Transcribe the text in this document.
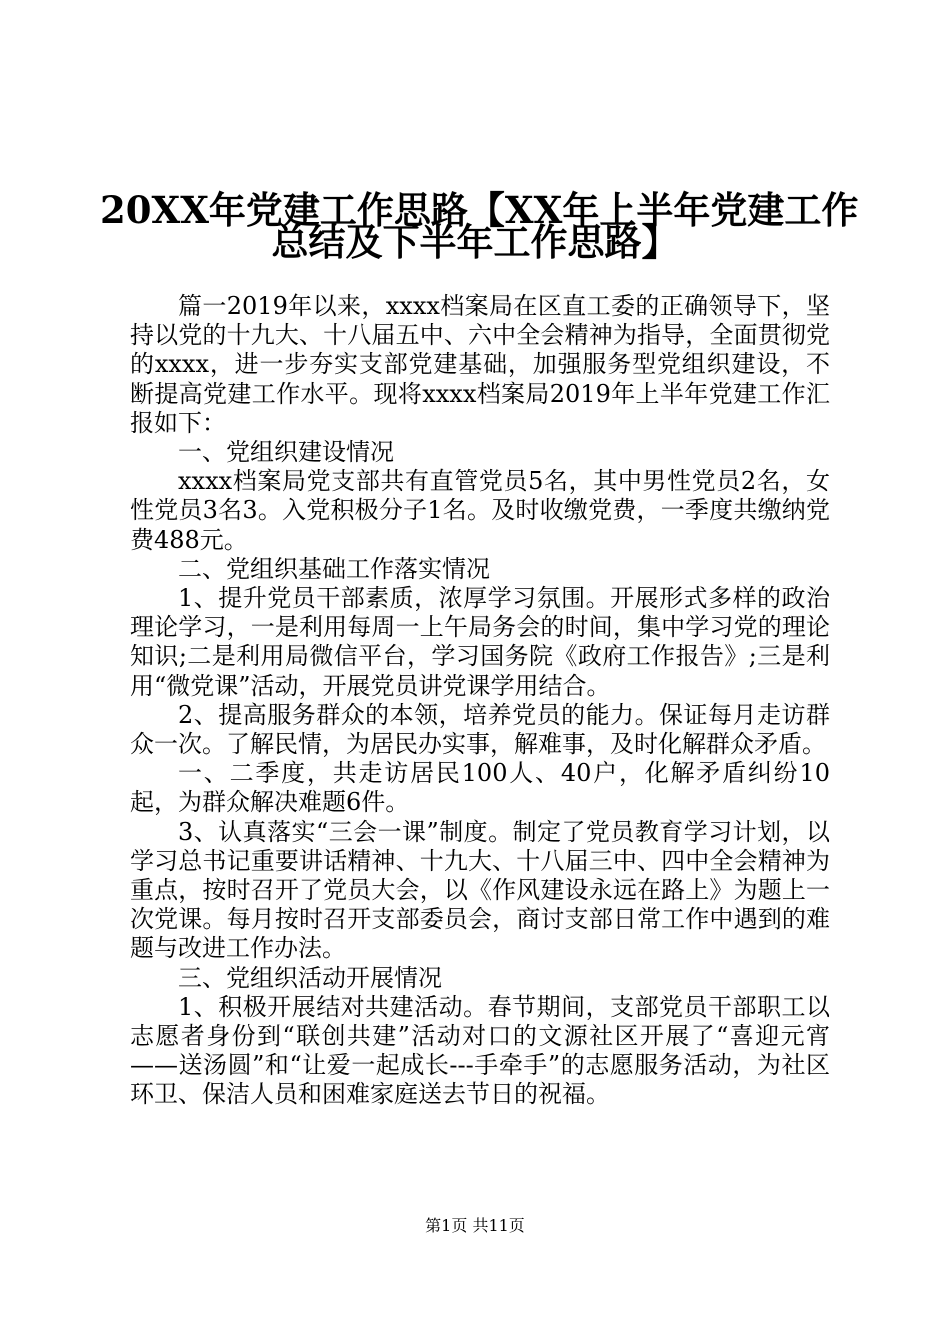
20XX年党建工作思路【XX年上半年党建工作
总结及下半年工作思路】

篇一2019年以来，xxxx档案局在区直工委的正确领导下，坚持以党的十九大、十八届五中、六中全会精神为指导，全面贯彻党的xxxx，进一步夯实支部党建基础，加强服务型党组织建设，不断提高党建工作水平。现将xxxx档案局2019年上半年党建工作汇报如下：

一、党组织建设情况

xxxx档案局党支部共有直管党员5名，其中男性党员2名，女性党员3名3。入党积极分子1名。及时收缴党费，一季度共缴纳党费488元。

二、党组织基础工作落实情况

1、提升党员干部素质，浓厚学习氛围。开展形式多样的政治理论学习，一是利用每周一上午局务会的时间，集中学习党的理论知识;二是利用局微信平台，学习国务院《政府工作报告》;三是利用“微党课”活动，开展党员讲党课学用结合。

2、提高服务群众的本领，培养党员的能力。保证每月走访群众一次。了解民情，为居民办实事，解难事，及时化解群众矛盾。

一、二季度，共走访居民100人、40户，化解矛盾纠纷10起，为群众解决难题6件。

3、认真落实“三会一课”制度。制定了党员教育学习计划，以学习总书记重要讲话精神、十九大、十八届三中、四中全会精神为重点，按时召开了党员大会，以《作风建设永远在路上》为题上一次党课。每月按时召开支部委员会，商讨支部日常工作中遇到的难题与改进工作办法。

三、党组织活动开展情况

1、积极开展结对共建活动。春节期间，支部党员干部职工以志愿者身份到“联创共建”活动对口的文源社区开展了“喜迎元宵——送汤圆”和“让爱一起成长---手牵手”的志愿服务活动，为社区环卫、保洁人员和困难家庭送去节日的祝福。

第1页 共11页
